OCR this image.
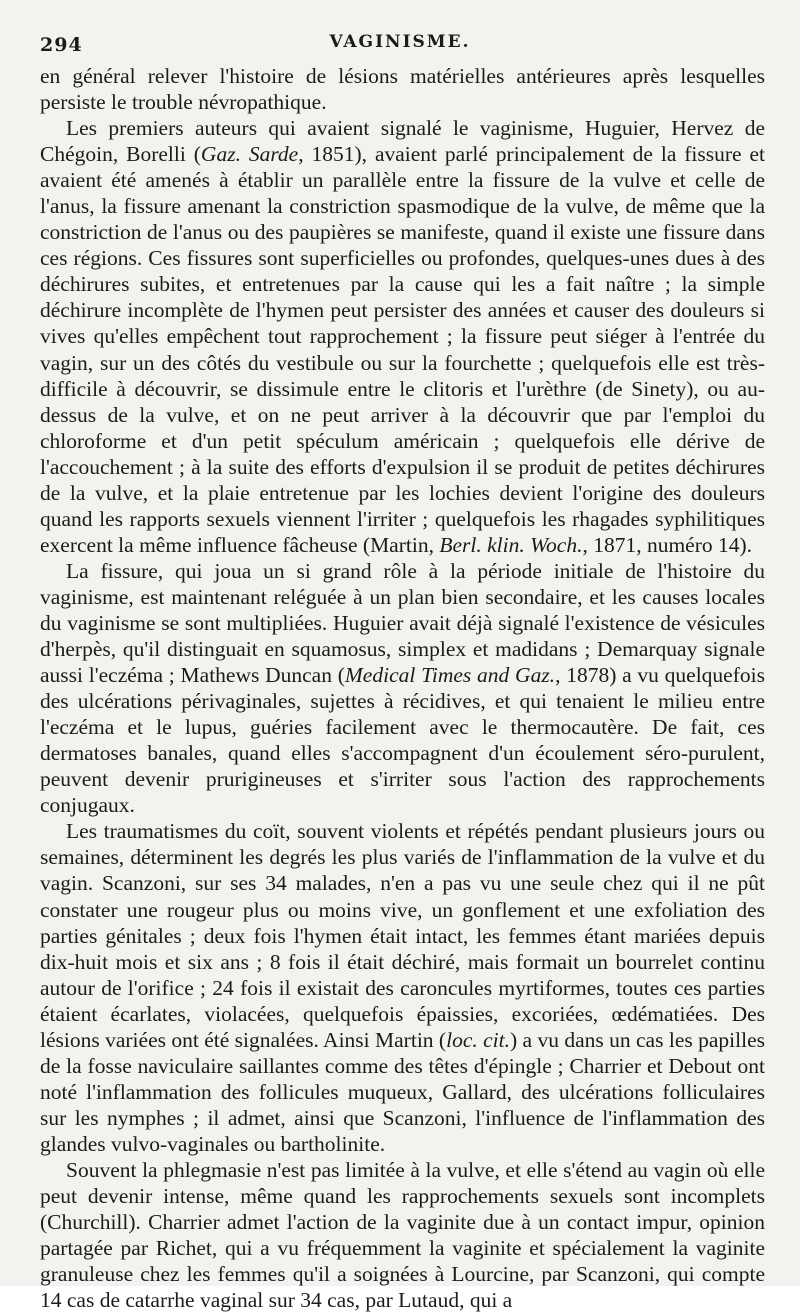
294	VAGINISME.

en général relever l'histoire de lésions matérielles antérieures après lesquelles persiste le trouble névropathique.

Les premiers auteurs qui avaient signalé le vaginisme, Huguier, Hervez de Chégoin, Borelli (Gaz. Sarde, 1851), avaient parlé principalement de la fissure et avaient été amenés à établir un parallèle entre la fissure de la vulve et celle de l'anus, la fissure amenant la constriction spasmodique de la vulve, de même que la constriction de l'anus ou des paupières se manifeste, quand il existe une fissure dans ces régions. Ces fissures sont superficielles ou profondes, quelques-unes dues à des déchirures subites, et entretenues par la cause qui les a fait naître ; la simple déchirure incomplète de l'hymen peut persister des années et causer des douleurs si vives qu'elles empêchent tout rapprochement ; la fissure peut siéger à l'entrée du vagin, sur un des côtés du vestibule ou sur la fourchette ; quelquefois elle est très-difficile à découvrir, se dissimule entre le clitoris et l'urèthre (de Sinety), ou au-dessus de la vulve, et on ne peut arriver à la découvrir que par l'emploi du chloroforme et d'un petit spéculum américain ; quelquefois elle dérive de l'accouchement ; à la suite des efforts d'expulsion il se produit de petites déchirures de la vulve, et la plaie entretenue par les lochies devient l'origine des douleurs quand les rapports sexuels viennent l'irriter ; quelquefois les rhagades syphilitiques exercent la même influence fâcheuse (Martin, Berl. klin. Woch., 1871, numéro 14).

La fissure, qui joua un si grand rôle à la période initiale de l'histoire du vaginisme, est maintenant reléguée à un plan bien secondaire, et les causes locales du vaginisme se sont multipliées. Huguier avait déjà signalé l'existence de vésicules d'herpès, qu'il distinguait en squamosus, simplex et madidans ; Demarquay signale aussi l'eczéma ; Mathews Duncan (Medical Times and Gaz., 1878) a vu quelquefois des ulcérations périvaginales, sujettes à récidives, et qui tenaient le milieu entre l'eczéma et le lupus, guéries facilement avec le thermocautère. De fait, ces dermatoses banales, quand elles s'accompagnent d'un écoulement séro-purulent, peuvent devenir prurigineuses et s'irriter sous l'action des rapprochements conjugaux.

Les traumatismes du coït, souvent violents et répétés pendant plusieurs jours ou semaines, déterminent les degrés les plus variés de l'inflammation de la vulve et du vagin. Scanzoni, sur ses 34 malades, n'en a pas vu une seule chez qui il ne pût constater une rougeur plus ou moins vive, un gonflement et une exfoliation des parties génitales ; deux fois l'hymen était intact, les femmes étant mariées depuis dix-huit mois et six ans ; 8 fois il était déchiré, mais formait un bourrelet continu autour de l'orifice ; 24 fois il existait des caroncules myrtiformes, toutes ces parties étaient écarlates, violacées, quelquefois épaissies, excoriées, œdématiées. Des lésions variées ont été signalées. Ainsi Martin (loc. cit.) a vu dans un cas les papilles de la fosse naviculaire saillantes comme des têtes d'épingle ; Charrier et Debout ont noté l'inflammation des follicules muqueux, Gallard, des ulcérations folliculaires sur les nymphes ; il admet, ainsi que Scanzoni, l'influence de l'inflammation des glandes vulvo-vaginales ou bartholinite.

Souvent la phlegmasie n'est pas limitée à la vulve, et elle s'étend au vagin où elle peut devenir intense, même quand les rapprochements sexuels sont incomplets (Churchill). Charrier admet l'action de la vaginite due à un contact impur, opinion partagée par Richet, qui a vu fréquemment la vaginite et spécialement la vaginite granuleuse chez les femmes qu'il a soignées à Lourcine, par Scanzoni, qui compte 14 cas de catarrhe vaginal sur 34 cas, par Lutaud, qui a
